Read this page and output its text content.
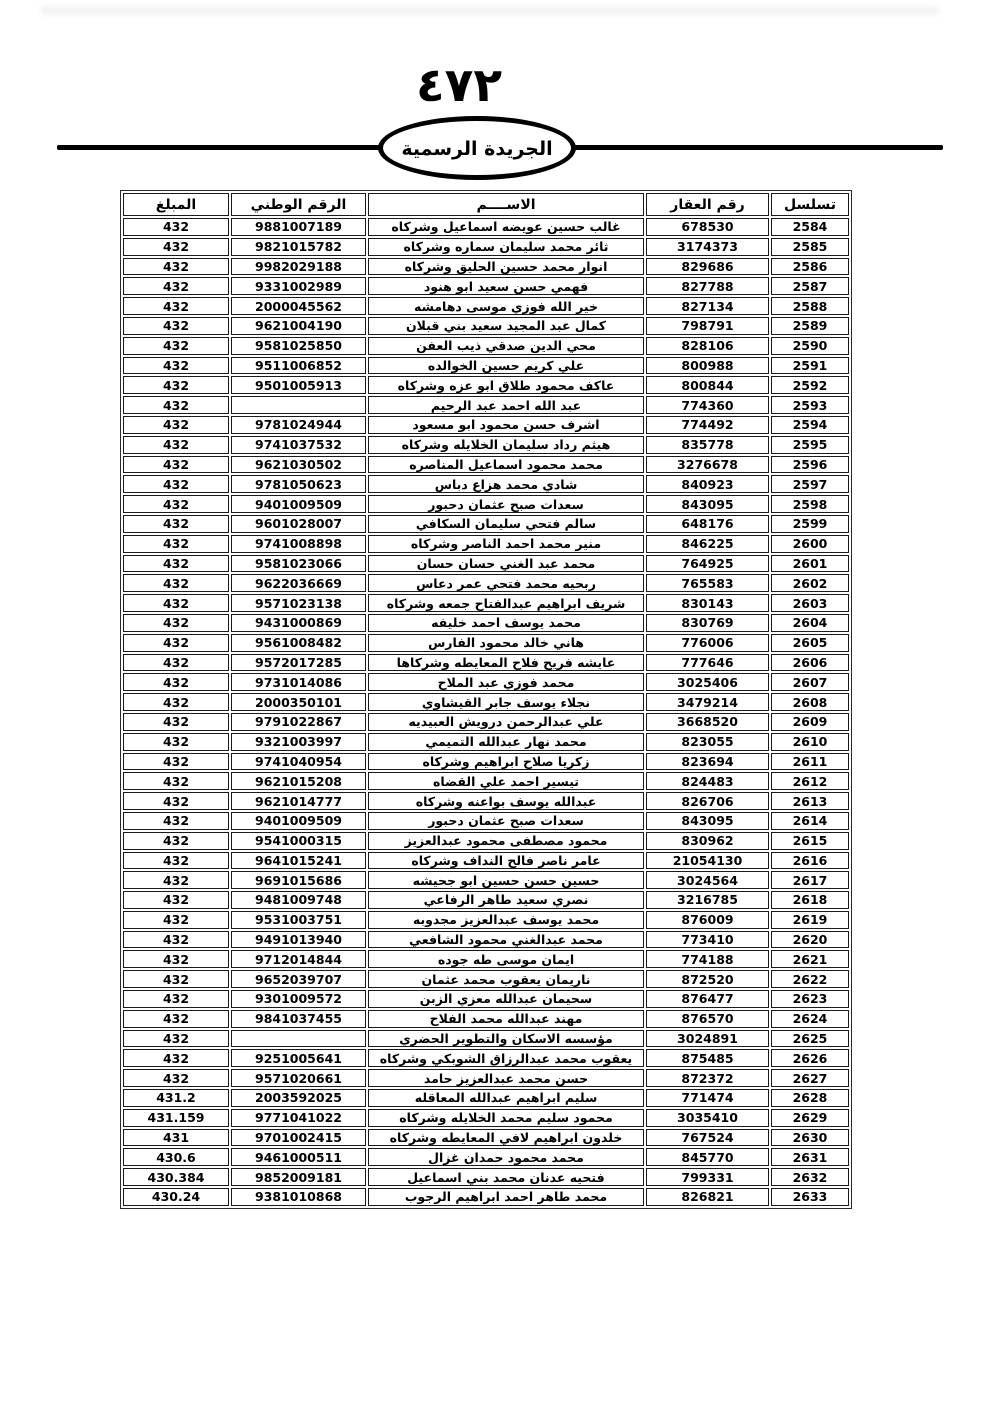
٤٧٢
الجريدة الرسمية
تسلسل	رقم العقار	الاســــم	الرقم الوطني	المبلغ
2584	678530	غالب حسين عويضه اسماعيل وشركاه	9881007189	432
2585	3174373	ثائر محمد سليمان سماره وشركاه	9821015782	432
2586	829686	انوار محمد حسين الحليق وشركاه	9982029188	432
2587	827788	فهمي حسن سعيد ابو هنود	9331002989	432
2588	827134	خير الله فوزي موسى دهامشه	2000045562	432
2589	798791	كمال عبد المجيد سعيد بني قبلان	9621004190	432
2590	828106	محي الدين صدقي ذيب العفن	9581025850	432
2591	800988	علي كريم حسين الخوالده	9511006852	432
2592	800844	عاكف محمود طلاق ابو عزه وشركاه	9501005913	432
2593	774360	عبد الله احمد عبد الرحيم		432
2594	774492	اشرف حسن محمود ابو مسعود	9781024944	432
2595	835778	هيثم رداد سليمان الخلايله وشركاه	9741037532	432
2596	3276678	محمد محمود اسماعيل المناصره	9621030502	432
2597	840923	شادي محمد هزاع دباس	9781050623	432
2598	843095	سعدات صبح عثمان دحبور	9401009509	432
2599	648176	سالم فتحي سليمان السكافي	9601028007	432
2600	846225	منير محمد احمد الناصر وشركاه	9741008898	432
2601	764925	محمد عبد الغني حسان حسان	9581023066	432
2602	765583	ربحيه محمد فتحي عمر دعاس	9622036669	432
2603	830143	شريف ابراهيم عبدالفتاح جمعه وشركاه	9571023138	432
2604	830769	محمد يوسف احمد خليفه	9431000869	432
2605	776006	هاني خالد محمود الفارس	9561008482	432
2606	777646	عايشه فريح فلاح المعايطه وشركاها	9572017285	432
2607	3025406	محمد فوزي عبد الملاح	9731014086	432
2608	3479214	نجلاء يوسف جابر القيشاوي	2000350101	432
2609	3668520	علي عبدالرحمن درويش العبيديه	9791022867	432
2610	823055	محمد نهار عبدالله التميمي	9321003997	432
2611	823694	زكريا صلاح ابراهيم وشركاه	9741040954	432
2612	824483	تيسير احمد علي القضاه	9621015208	432
2613	826706	عبدالله يوسف بواعنه وشركاه	9621014777	432
2614	843095	سعدات صبح عثمان دحبور	9401009509	432
2615	830962	محمود مصطفى محمود عبدالعزيز	9541000315	432
2616	21054130	عامر ناصر فالح النداف وشركاه	9641015241	432
2617	3024564	حسين حسن حسين ابو جحيشه	9691015686	432
2618	3216785	نصري سعيد طاهر الرفاعي	9481009748	432
2619	876009	محمد يوسف عبدالعزيز مجدوبه	9531003751	432
2620	773410	محمد عبدالغني محمود الشافعي	9491013940	432
2621	774188	ايمان موسى طه جوده	9712014844	432
2622	872520	ناريمان يعقوب محمد عثمان	9652039707	432
2623	876477	سحيمان عبدالله معزي الزبن	9301009572	432
2624	876570	مهند عبدالله محمد الفلاح	9841037455	432
2625	3024891	مؤسسه الاسكان والتطوير الحضري		432
2626	875485	يعقوب محمد عبدالرزاق الشوبكي وشركاه	9251005641	432
2627	872372	حسن محمد عبدالعزيز حامد	9571020661	432
2628	771474	سليم ابراهيم عبدالله المعاقله	2003592025	431.2
2629	3035410	محمود سليم محمد الخلايله وشركاه	9771041022	431.159
2630	767524	خلدون ابراهيم لافي المعايطه وشركاه	9701002415	431
2631	845770	محمد محمود حمدان غزال	9461000511	430.6
2632	799331	فتحيه عدنان محمد بني اسماعيل	9852009181	430.384
2633	826821	محمد طاهر احمد ابراهيم الرجوب	9381010868	430.24
